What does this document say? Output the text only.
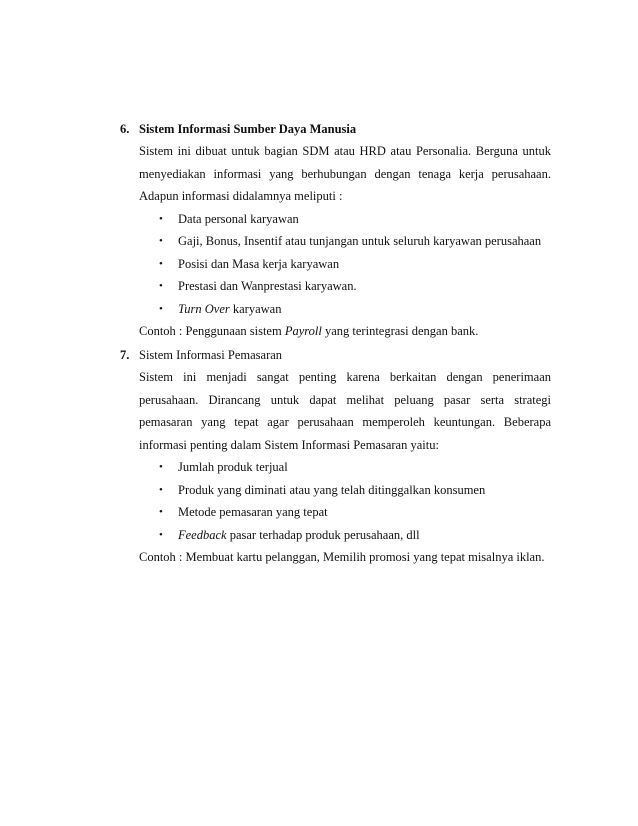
6. Sistem Informasi Sumber Daya Manusia
Sistem ini dibuat untuk bagian SDM atau HRD atau Personalia. Berguna untuk
menyediakan informasi yang berhubungan dengan tenaga kerja perusahaan.
Adapun informasi didalamnya meliputi :
• Data personal karyawan
• Gaji, Bonus, Insentif atau tunjangan untuk seluruh karyawan perusahaan
• Posisi dan Masa kerja karyawan
• Prestasi dan Wanprestasi karyawan.
• Turn Over karyawan
Contoh : Penggunaan sistem Payroll yang terintegrasi dengan bank.
7. Sistem Informasi Pemasaran
Sistem ini menjadi sangat penting karena berkaitan dengan penerimaan
perusahaan. Dirancang untuk dapat melihat peluang pasar serta strategi
pemasaran yang tepat agar perusahaan memperoleh keuntungan. Beberapa
informasi penting dalam Sistem Informasi Pemasaran yaitu:
• Jumlah produk terjual
• Produk yang diminati atau yang telah ditinggalkan konsumen
• Metode pemasaran yang tepat
• Feedback pasar terhadap produk perusahaan, dll
Contoh : Membuat kartu pelanggan, Memilih promosi yang tepat misalnya iklan.
